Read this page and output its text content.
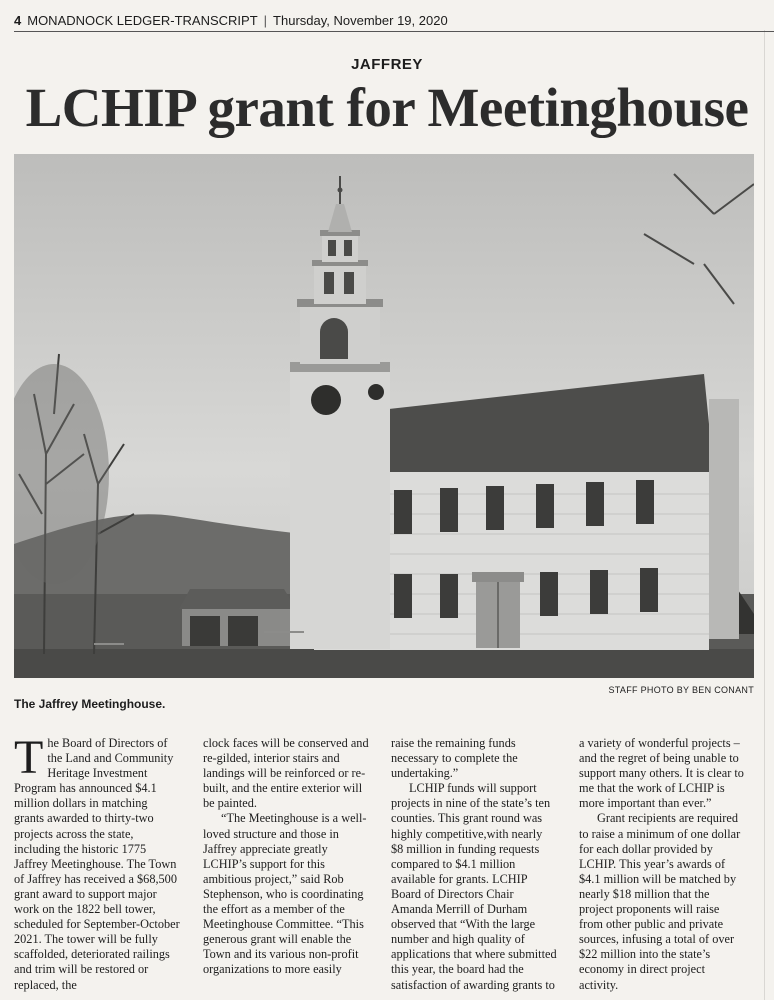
4 MONADNOCK LEDGER-TRANSCRIPT | Thursday, November 19, 2020
JAFFREY
LCHIP grant for Meetinghouse
STAFF PHOTO BY BEN CONANT
The Jaffrey Meetinghouse.
T he Board of Directors of the Land and Community Heritage Investment Program has announced $4.1 million dollars in matching grants awarded to thirty-two projects across the state, including the historic 1775 Jaffrey Meetinghouse. The Town of Jaffrey has received a $68,500 grant award to support major work on the 1822 bell tower, scheduled for September-October 2021. The tower will be fully scaffolded, deteriorated railings and trim will be restored or replaced, the

clock faces will be conserved and re-gilded, interior stairs and landings will be reinforced or re-built, and the entire exterior will be painted.

“The Meetinghouse is a well-loved structure and those in Jaffrey appreciate greatly LCHIP’s support for this ambitious project,” said Rob Stephenson, who is coordinating the effort as a member of the Meetinghouse Committee. “This generous grant will enable the Town and its various non-profit organizations to more easily

raise the remaining funds necessary to complete the undertaking.”

LCHIP funds will support projects in nine of the state’s ten counties. This grant round was highly competitive,with nearly $8 million in funding requests compared to $4.1 million available for grants. LCHIP Board of Directors Chair Amanda Merrill of Durham observed that “With the large number and high quality of applications that where submitted this year, the board had the satisfaction of awarding grants to

a variety of wonderful projects – and the regret of being unable to support many others. It is clear to me that the work of LCHIP is more important than ever.”

Grant recipients are required to raise a minimum of one dollar for each dollar provided by LCHIP. This year’s awards of $4.1 million will be matched by nearly $18 million that the project proponents will raise from other public and private sources, infusing a total of over $22 million into the state’s economy in direct project activity.
